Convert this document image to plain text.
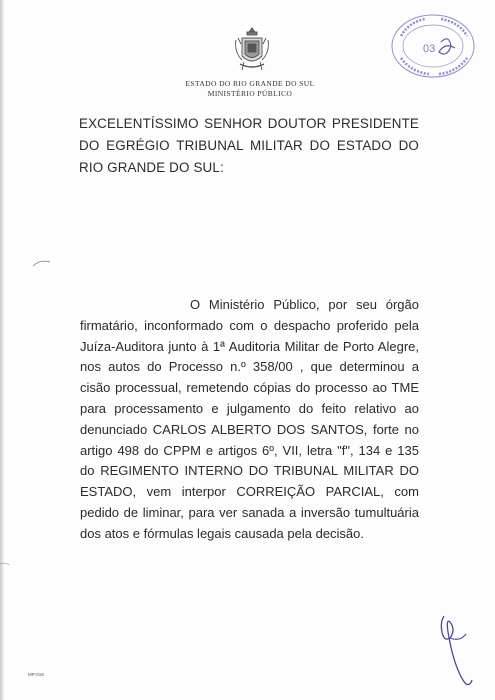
ESTADO DO RIO GRANDE DO SUL
MINISTÉRIO PÚBLICO
03
EXCELENTÍSSIMO SENHOR DOUTOR PRESIDENTE DO EGRÉGIO TRIBUNAL MILITAR DO ESTADO DO RIO GRANDE DO SUL:
O Ministério Público, por seu órgão firmatário, inconformado com o despacho proferido pela Juíza-Auditora junto à 1ª Auditoria Militar de Porto Alegre, nos autos do Processo n.º 358/00 , que determinou a cisão processual, remetendo cópias do processo ao TME para processamento e julgamento do feito relativo ao denunciado CARLOS ALBERTO DOS SANTOS, forte no artigo 498 do CPPM e artigos 6º, VII, letra "f", 134 e 135 do REGIMENTO INTERNO DO TRIBUNAL MILITAR DO ESTADO, vem interpor CORREIÇÃO PARCIAL, com pedido de liminar, para ver sanada a inversão tumultuária dos atos e fórmulas legais causada pela decisão.
MP-018
